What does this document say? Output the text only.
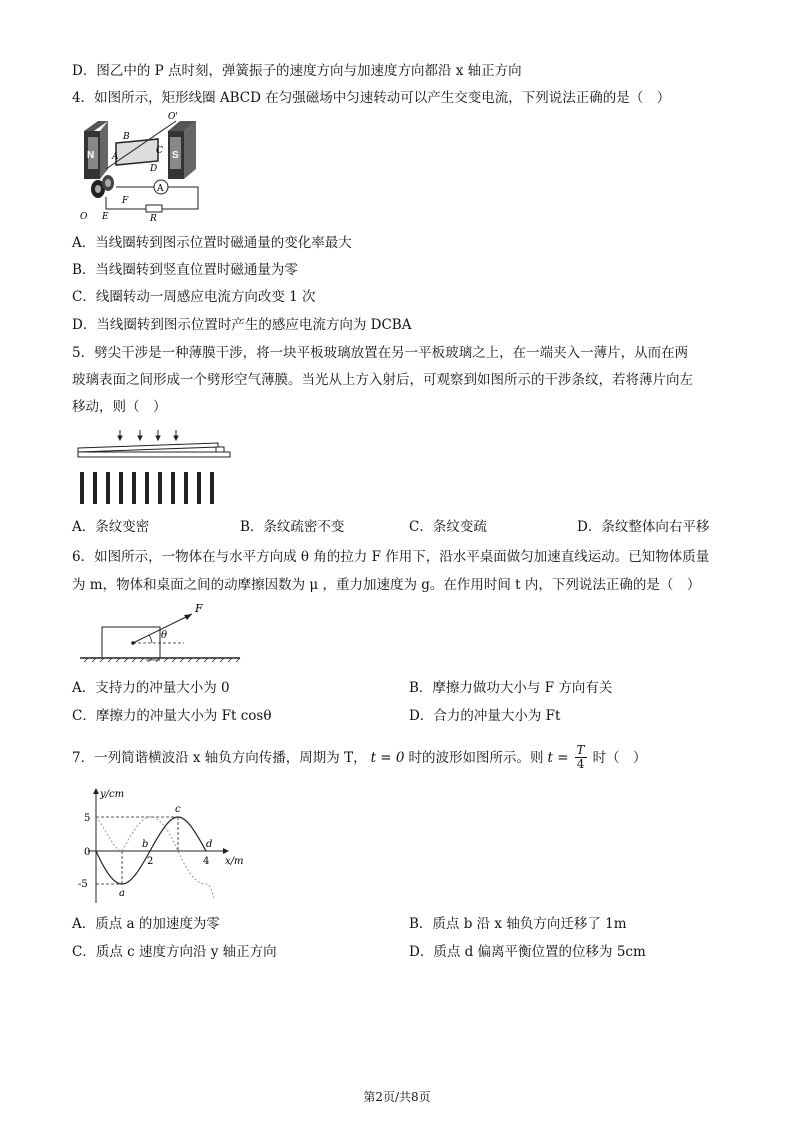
D．图乙中的 P 点时刻，弹簧振子的速度方向与加速度方向都沿 x 轴正方向
4．如图所示，矩形线圈 ABCD 在匀强磁场中匀速转动可以产生交变电流，下列说法正确的是（　）
N	S
B
A
C
D
O'
O E
F
A
R
A．当线圈转到图示位置时磁通量的变化率最大
B．当线圈转到竖直位置时磁通量为零
C．线圈转动一周感应电流方向改变 1 次
D．当线圈转到图示位置时产生的感应电流方向为 DCBA
5．劈尖干涉是一种薄膜干涉，将一块平板玻璃放置在另一平板玻璃之上，在一端夹入一薄片，从而在两
玻璃表面之间形成一个劈形空气薄膜。当光从上方入射后，可观察到如图所示的干涉条纹，若将薄片向左
移动，则（　）
A．条纹变密	B．条纹疏密不变	C．条纹变疏	D．条纹整体向右平移
6．如图所示，一物体在与水平方向成 θ 角的拉力 F 作用下，沿水平桌面做匀加速直线运动。已知物体质量
为 m，物体和桌面之间的动摩擦因数为 μ ，重力加速度为 g。在作用时间 t 内，下列说法正确的是（　）
F
θ
A．支持力的冲量大小为 0	B．摩擦力做功大小与 F 方向有关
C．摩擦力的冲量大小为 Ft cosθ	D．合力的冲量大小为 Ft
7．一列简谐横波沿 x 轴负方向传播，周期为 T， t = 0 时的波形如图所示。则 $t = \frac{T}{4}$ 时（　）
y/cm
5
0
-5
2	4 x/m
a
b
c
d
A．质点 a 的加速度为零	B．质点 b 沿 x 轴负方向迁移了 1m
C．质点 c 速度方向沿 y 轴正方向	D．质点 d 偏离平衡位置的位移为 5cm
第2页/共8页
